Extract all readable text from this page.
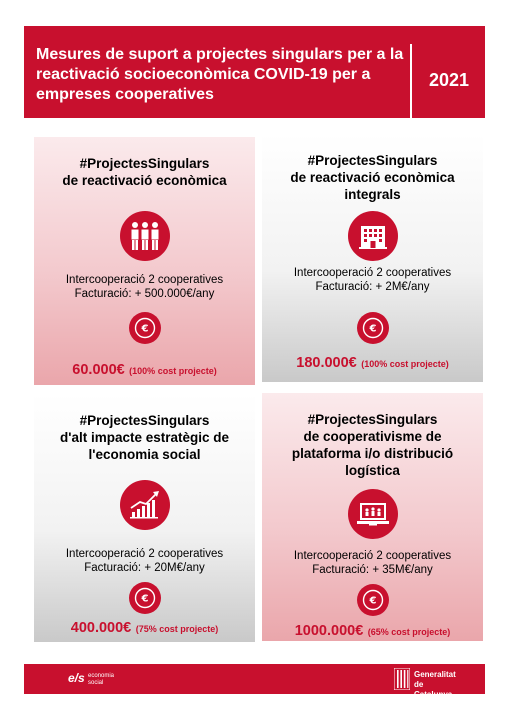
Mesures de suport a projectes singulars per a la reactivació socioeconòmica COVID-19 per a empreses cooperatives
2021
#ProjectesSingulars
de reactivació econòmica
Intercooperació 2 cooperatives
Facturació: + 500.000€/any
€
60.000€ (100% cost projecte)
#ProjectesSingulars
de reactivació econòmica
integrals
Intercooperació 2 cooperatives
Facturació: + 2M€/any
€
180.000€ (100% cost projecte)
#ProjectesSingulars
d'alt impacte estratègic de
l'economia social
Intercooperació 2 cooperatives
Facturació: + 20M€/any
€
400.000€ (75% cost projecte)
#ProjectesSingulars
de cooperativisme de
plataforma i/o distribució
logística
Intercooperació 2 cooperatives
Facturació: + 35M€/any
€
1000.000€ (65% cost projecte)
e/s economia
social
Generalitat
de Catalunya
